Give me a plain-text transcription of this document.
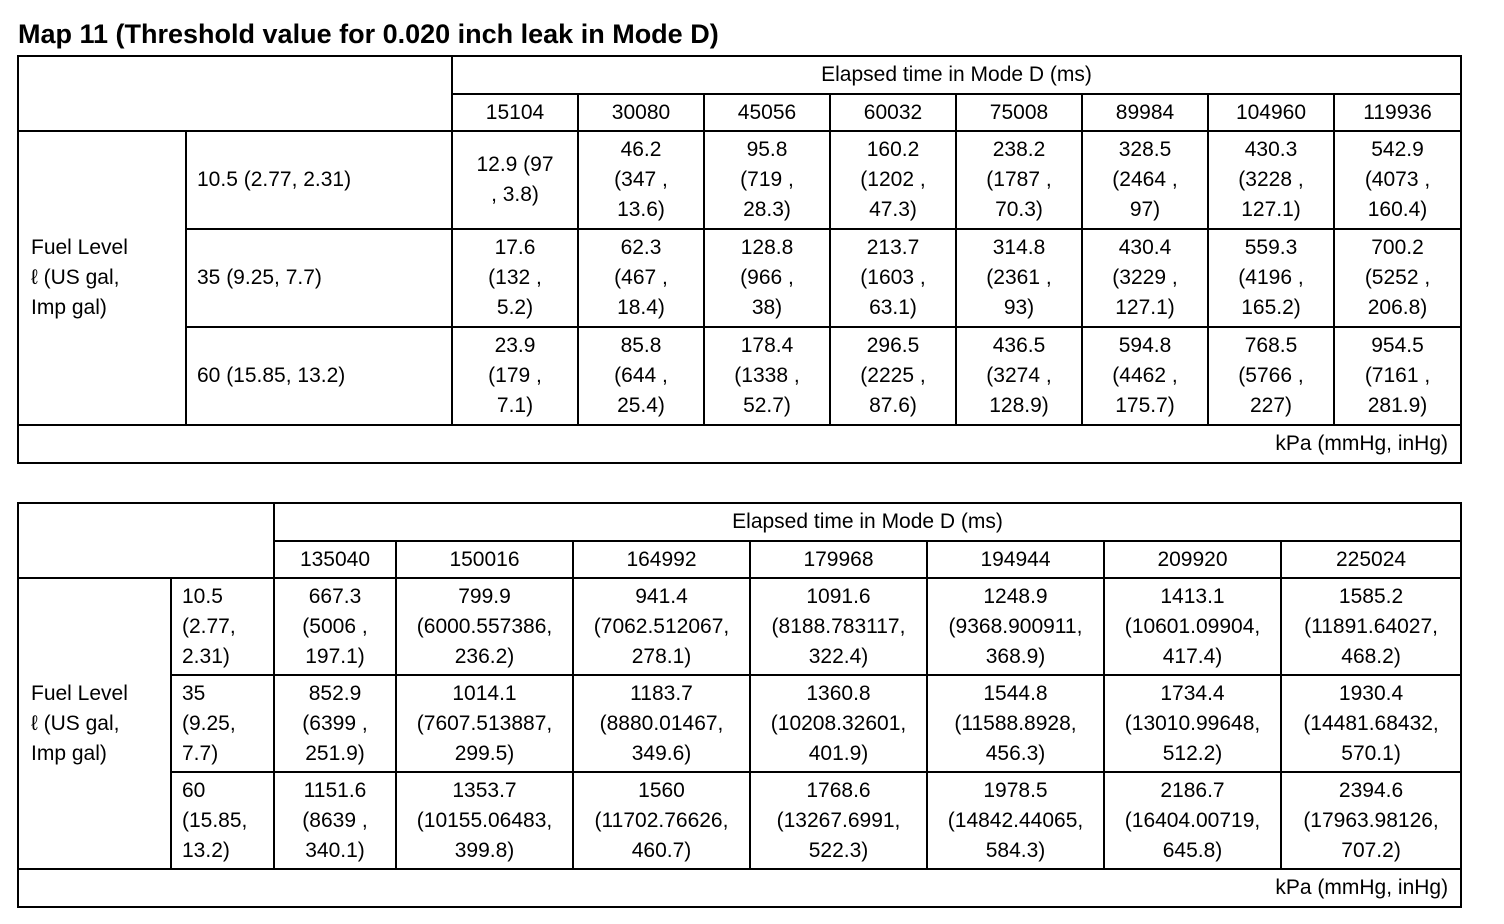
Map 11 (Threshold value for 0.020 inch leak in Mode D)
		Elapsed time in Mode D (ms)							
		15104	30080	45056	60032	75008	89984	104960	119936

Fuel Level
ℓ (US gal,
Imp gal)	10.5 (2.77, 2.31)	12.9 (97
, 3.8)	46.2
(347 ,
13.6)	95.8
(719 ,
28.3)	160.2
(1202 ,
47.3)	238.2
(1787 ,
70.3)	328.5
(2464 ,
97)	430.3
(3228 ,
127.1)	542.9
(4073 ,
160.4)

	35 (9.25, 7.7)	17.6
(132 ,
5.2)	62.3
(467 ,
18.4)	128.8
(966 ,
38)	213.7
(1603 ,
63.1)	314.8
(2361 ,
93)	430.4
(3229 ,
127.1)	559.3
(4196 ,
165.2)	700.2
(5252 ,
206.8)

	60 (15.85, 13.2)	23.9
(179 ,
7.1)	85.8
(644 ,
25.4)	178.4
(1338 ,
52.7)	296.5
(2225 ,
87.6)	436.5
(3274 ,
128.9)	594.8
(4462 ,
175.7)	768.5
(5766 ,
227)	954.5
(7161 ,
281.9)

kPa (mmHg, inHg)									
		Elapsed time in Mode D (ms)						
		135040	150016	164992	179968	194944	209920	225024

Fuel Level
ℓ (US gal,
Imp gal)	10.5
(2.77,
2.31)	667.3
(5006 ,
197.1)	799.9
(6000.557386,
236.2)	941.4
(7062.512067,
278.1)	1091.6
(8188.783117,
322.4)	1248.9
(9368.900911,
368.9)	1413.1
(10601.09904,
417.4)	1585.2
(11891.64027,
468.2)

	35
(9.25,
7.7)	852.9
(6399 ,
251.9)	1014.1
(7607.513887,
299.5)	1183.7
(8880.01467,
349.6)	1360.8
(10208.32601,
401.9)	1544.8
(11588.8928,
456.3)	1734.4
(13010.99648,
512.2)	1930.4
(14481.68432,
570.1)

	60
(15.85,
13.2)	1151.6
(8639 ,
340.1)	1353.7
(10155.06483,
399.8)	1560
(11702.76626,
460.7)	1768.6
(13267.6991,
522.3)	1978.5
(14842.44065,
584.3)	2186.7
(16404.00719,
645.8)	2394.6
(17963.98126,
707.2)

kPa (mmHg, inHg)								
